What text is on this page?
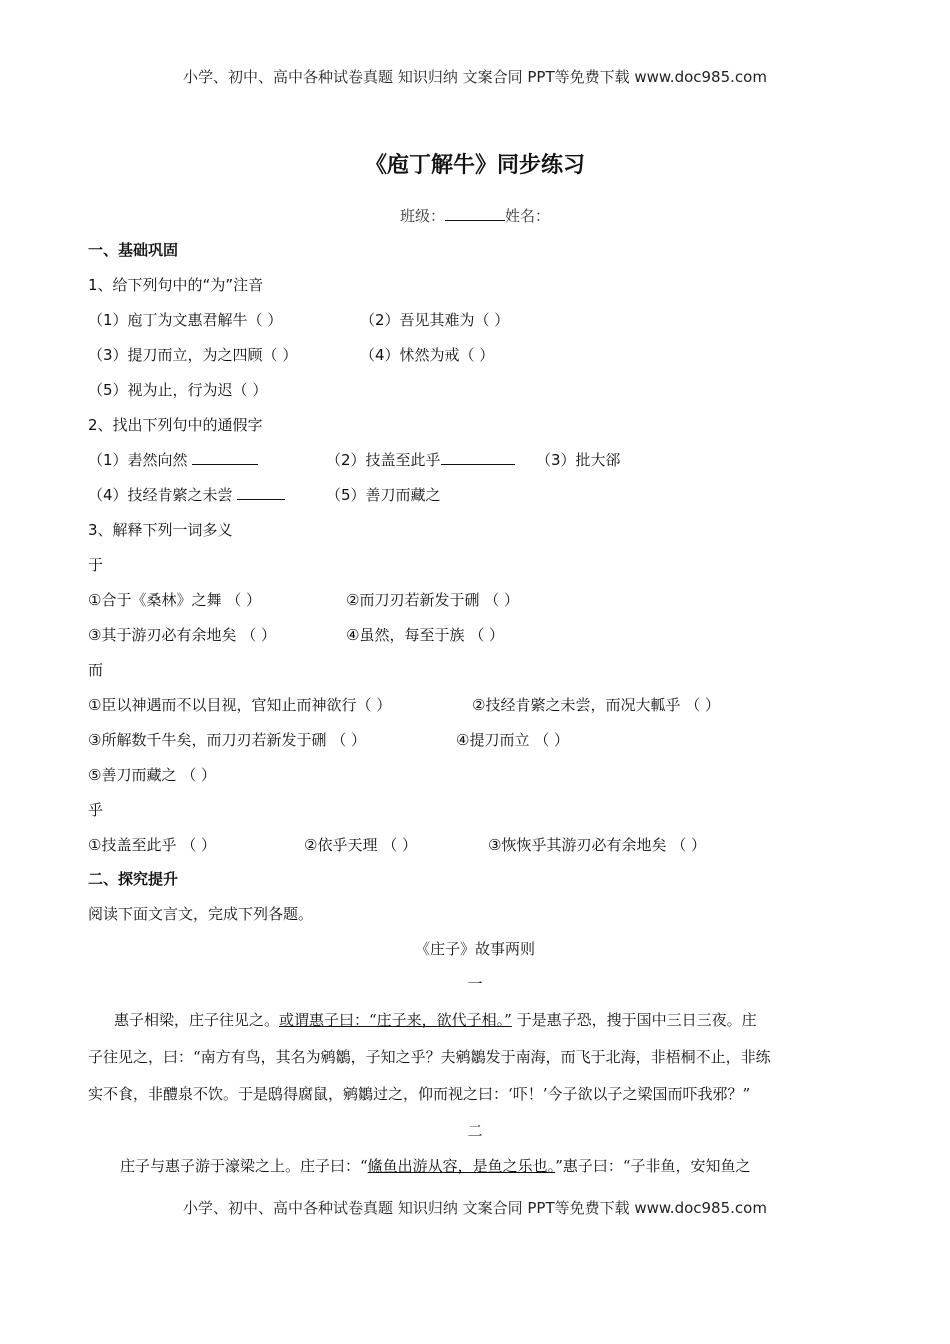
小学、初中、高中各种试卷真题 知识归纳 文案合同 PPT等免费下载 www.doc985.com
《庖丁解牛》同步练习
班级：	姓名：
一、基础巩固
1、给下列句中的“为”注音
（1）庖丁为文惠君解牛（ ）	（2）吾见其难为（ ）
（3）提刀而立，为之四顾（ ）	（4）怵然为戒（ ）
（5）视为止，行为迟（ ）
2、找出下列句中的通假字
（1）砉然向然	（2）技盖至此乎	（3）批大郤
（4）技经肯綮之未尝	（5）善刀而藏之
3、解释下列一词多义
于
①合于《桑林》之舞 （ ）	②而刀刃若新发于硎 （ ）
③其于游刃必有余地矣 （ ）	④虽然，每至于族 （ ）
而
①臣以神遇而不以目视，官知止而神欲行（ ）	②技经肯綮之未尝，而况大軱乎 （ ）
③所解数千牛矣，而刀刃若新发于硎 （ ）	④提刀而立 （ ）
⑤善刀而藏之 （ ）
乎
①技盖至此乎 （ ）	②依乎天理 （ ）	③恢恢乎其游刃必有余地矣 （ ）
二、探究提升
阅读下面文言文，完成下列各题。
《庄子》故事两则
一
惠子相梁，庄子往见之。或谓惠子曰：“庄子来，欲代子相。” 于是惠子恐，搜于国中三日三夜。庄
子往见之，曰：“南方有鸟，其名为鹓鶵，子知之乎？夫鹓鶵发于南海，而飞于北海，非梧桐不止，非练
实不食，非醴泉不饮。于是鸱得腐鼠，鹓鶵过之，仰而视之曰：‘吓！’今子欲以子之梁国而吓我邪？”
二
庄子与惠子游于濠梁之上。庄子曰：“鯈鱼出游从容，是鱼之乐也。”惠子曰：“子非鱼，安知鱼之
小学、初中、高中各种试卷真题 知识归纳 文案合同 PPT等免费下载 www.doc985.com
